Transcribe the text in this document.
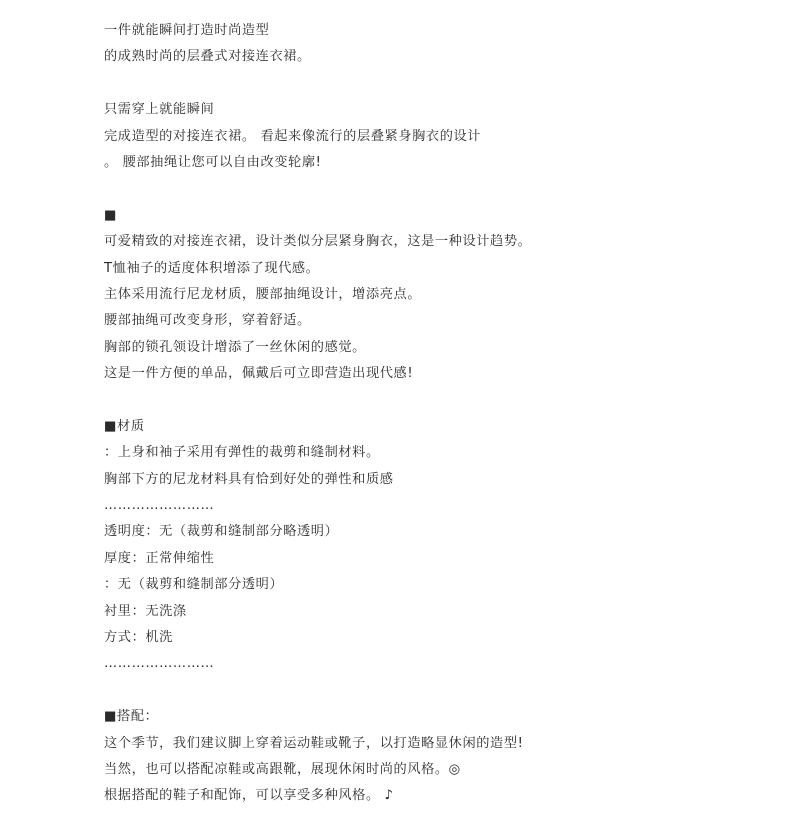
一件就能瞬间打造时尚造型
的成熟时尚的层叠式对接连衣裙。
只需穿上就能瞬间
完成造型的对接连衣裙。 看起来像流行的层叠紧身胸衣的设计
。 腰部抽绳让您可以自由改变轮廓!
■
可爱精致的对接连衣裙，设计类似分层紧身胸衣，这是一种设计趋势。
T恤袖子的适度体积增添了现代感。
主体采用流行尼龙材质，腰部抽绳设计，增添亮点。
腰部抽绳可改变身形，穿着舒适。
胸部的锁孔领设计增添了一丝休闲的感觉。
这是一件方便的单品，佩戴后可立即营造出现代感!
■材质
：上身和袖子采用有弹性的裁剪和缝制材料。
胸部下方的尼龙材料具有恰到好处的弹性和质感
……………………
透明度：无（裁剪和缝制部分略透明）
厚度：正常伸缩性
：无（裁剪和缝制部分透明）
衬里：无洗涤
方式：机洗
……………………
■搭配：
这个季节，我们建议脚上穿着运动鞋或靴子，以打造略显休闲的造型!
当然，也可以搭配凉鞋或高跟靴，展现休闲时尚的风格。◎
根据搭配的鞋子和配饰，可以享受多种风格。 ♪
